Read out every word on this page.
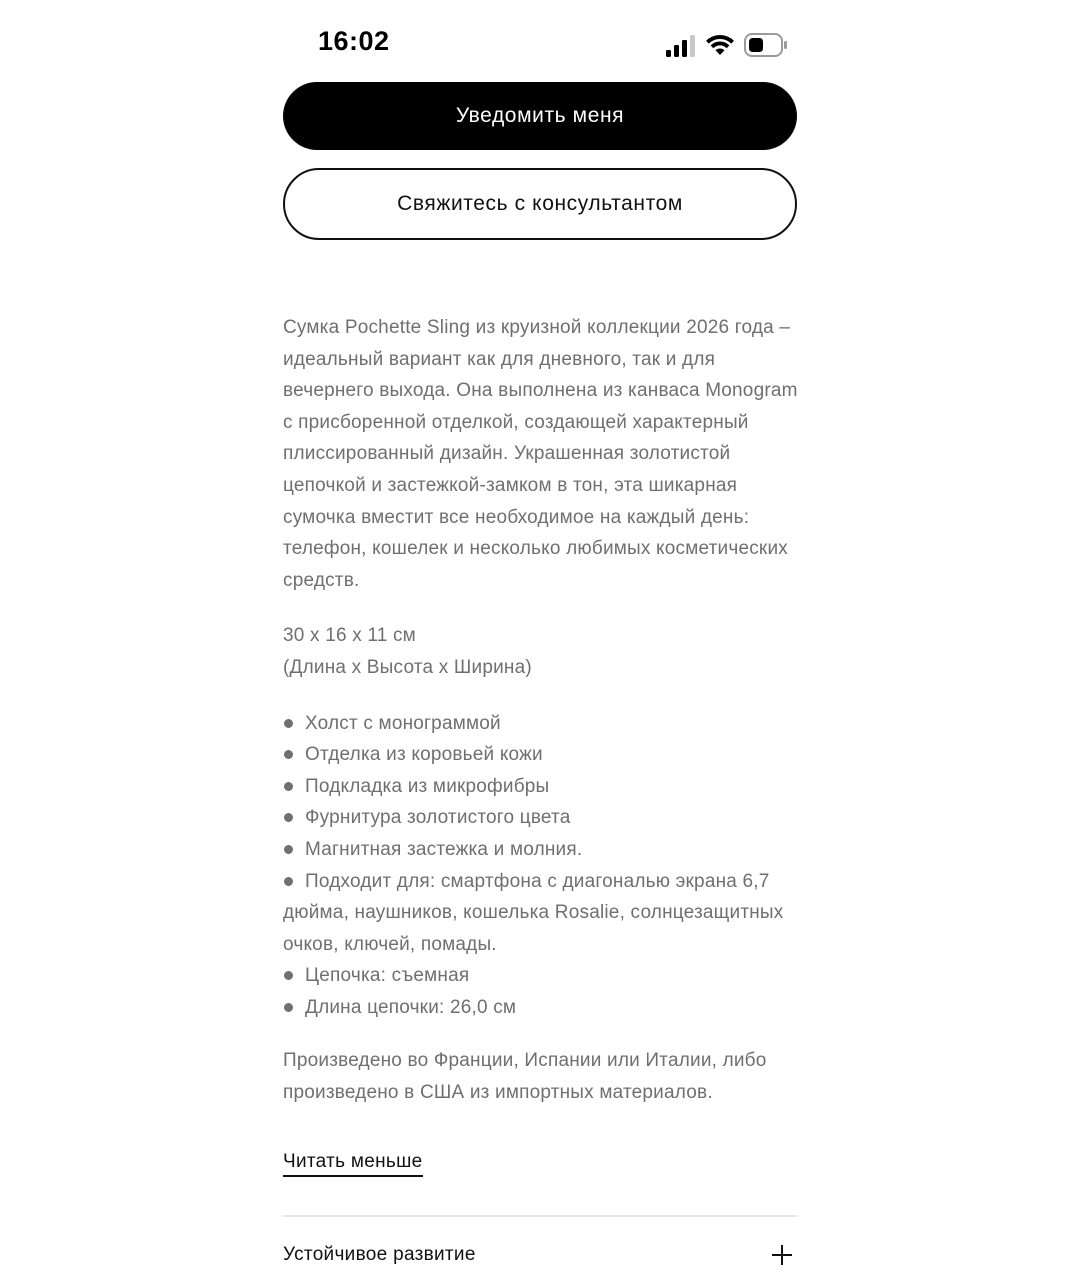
16:02
Уведомить меня
Свяжитесь с консультантом

Сумка Pochette Sling из круизной коллекции 2026 года – идеальный вариант как для дневного, так и для вечернего выхода. Она выполнена из канваса Monogram с присборенной отделкой, создающей характерный плиссированный дизайн. Украшенная золотистой цепочкой и застежкой-замком в тон, эта шикарная сумочка вместит все необходимое на каждый день: телефон, кошелек и несколько любимых косметических средств.

30 x 16 x 11 см
(Длина x Высота x Ширина)

Холст с монограммой
Отделка из коровьей кожи
Подкладка из микрофибры
Фурнитура золотистого цвета
Магнитная застежка и молния.
Подходит для: смартфона с диагональю экрана 6,7 дюйма, наушников, кошелька Rosalie, солнцезащитных очков, ключей, помады.
Цепочка: съемная
Длина цепочки: 26,0 см

Произведено во Франции, Испании или Италии, либо произведено в США из импортных материалов.

Читать меньше
Устойчивое развитие
